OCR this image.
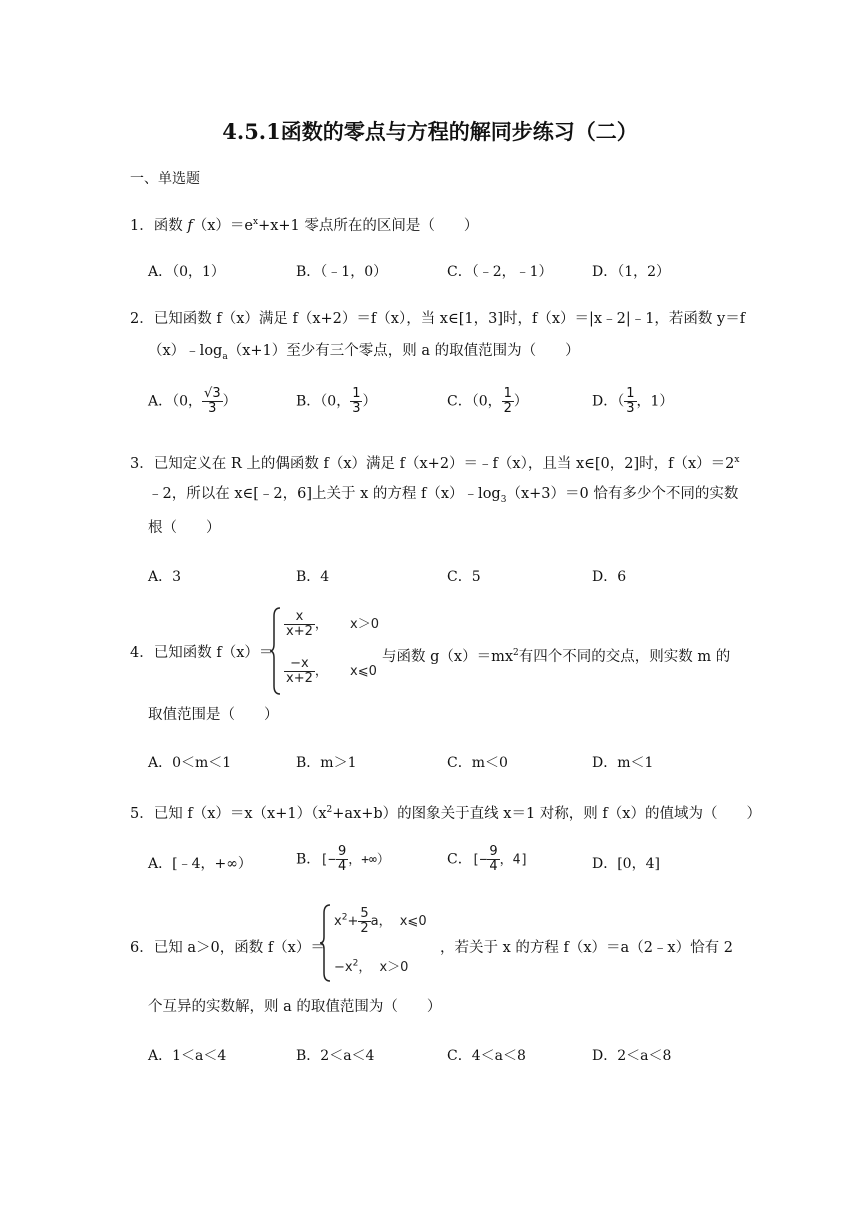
4.5.1函数的零点与方程的解同步练习（二）
一、单选题
1．函数 $f(x)=e^x+x+1$ 零点所在的区间是（　　）
A．（0，1）	B．（﹣1，0）	C．（﹣2，﹣1）	D．（1，2）
2．已知函数 f（x）满足 f（x+2）＝f（x），当 x∈[1，3]时，f（x）＝|x﹣2|﹣1，若函数 y＝f
$(x)﹣\log_a(x+1)$至少有三个零点，则 a 的取值范围为（　　）
A．（0， $\frac{√3}{3}$ ）	B．（0， $\frac{1}{3}$ ）	C．（0， $\frac{1}{2}$ ）	D．（ $\frac{1}{3}$ ，1）
3．已知定义在 R 上的偶函数 f（x）满足 f（x+2）＝﹣f（x），且当 x∈[0，2]时，$f(x)=2^x$
﹣2，所以在 x∈[﹣2，6]上关于 x 的方程 $f(x)﹣\log_3(x+3)=0$ 恰有多少个不同的实数
根（　　）
A．3	B．4	C．5	D．6
4．已知函数 f（x）＝
$\frac{x}{x+2}$ ， x＞0
$\frac{-x}{x+2}$ ， x⩽0
与函数 $g(x)=mx^2$有四个不同的交点，则实数 m 的
取值范围是（　　）
A．0＜m＜1	B．m＞1	C．m＜0	D．m＜1
5．已知 $f(x)=x(x+1)(x^2+ax+b)$的图象关于直线 x＝1 对称，则 f（x）的值域为（　　）
A．[﹣4，+∞）	B．[− $\frac{9}{4}$ ，+∞）	C．[− $\frac{9}{4}$ ，4]	D．[0，4]
6．已知 a＞0，函数 f（x）＝
$x^2+ \frac{5}{2}$ a， x⩽0
$-x^2$， x＞0
，若关于 x 的方程 f（x）＝a（2﹣x）恰有 2
个互异的实数解，则 a 的取值范围为（　　）
A．1＜a＜4	B．2＜a＜4	C．4＜a＜8	D．2＜a＜8
